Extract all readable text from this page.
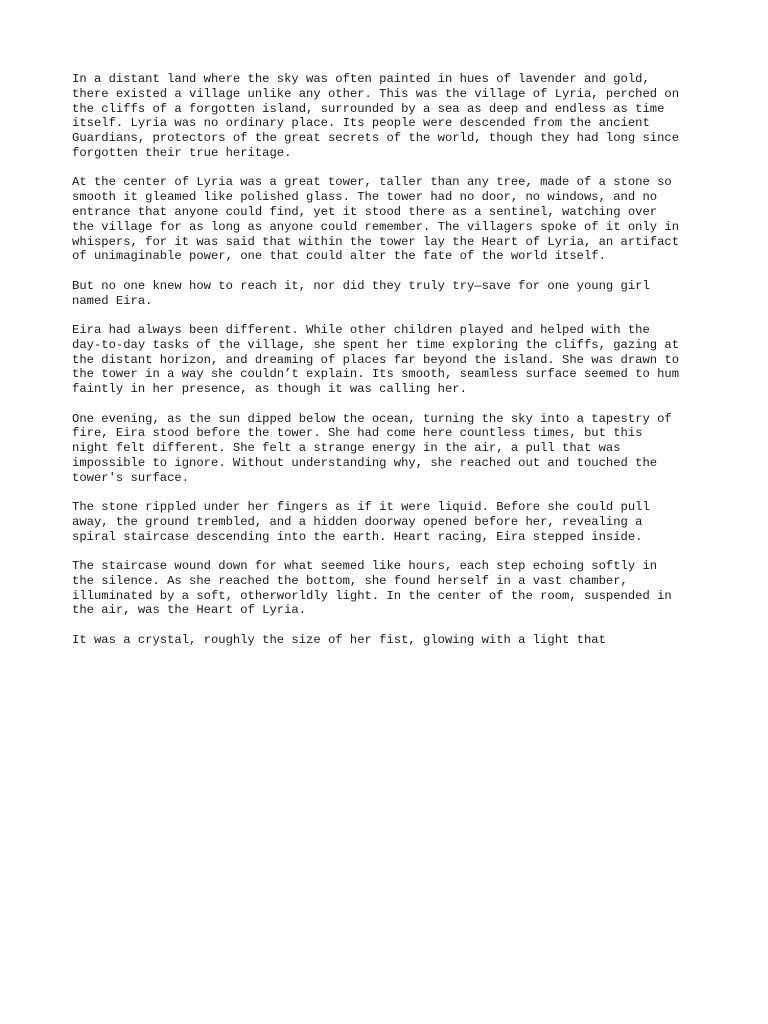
In a distant land where the sky was often painted in hues of lavender and gold,
there existed a village unlike any other. This was the village of Lyria, perched on
the cliffs of a forgotten island, surrounded by a sea as deep and endless as time
itself. Lyria was no ordinary place. Its people were descended from the ancient
Guardians, protectors of the great secrets of the world, though they had long since
forgotten their true heritage.

At the center of Lyria was a great tower, taller than any tree, made of a stone so
smooth it gleamed like polished glass. The tower had no door, no windows, and no
entrance that anyone could find, yet it stood there as a sentinel, watching over
the village for as long as anyone could remember. The villagers spoke of it only in
whispers, for it was said that within the tower lay the Heart of Lyria, an artifact
of unimaginable power, one that could alter the fate of the world itself.

But no one knew how to reach it, nor did they truly try—save for one young girl
named Eira.

Eira had always been different. While other children played and helped with the
day-to-day tasks of the village, she spent her time exploring the cliffs, gazing at
the distant horizon, and dreaming of places far beyond the island. She was drawn to
the tower in a way she couldn’t explain. Its smooth, seamless surface seemed to hum
faintly in her presence, as though it was calling her.

One evening, as the sun dipped below the ocean, turning the sky into a tapestry of
fire, Eira stood before the tower. She had come here countless times, but this
night felt different. She felt a strange energy in the air, a pull that was
impossible to ignore. Without understanding why, she reached out and touched the
tower's surface.

The stone rippled under her fingers as if it were liquid. Before she could pull
away, the ground trembled, and a hidden doorway opened before her, revealing a
spiral staircase descending into the earth. Heart racing, Eira stepped inside.

The staircase wound down for what seemed like hours, each step echoing softly in
the silence. As she reached the bottom, she found herself in a vast chamber,
illuminated by a soft, otherworldly light. In the center of the room, suspended in
the air, was the Heart of Lyria.

It was a crystal, roughly the size of her fist, glowing with a light that
